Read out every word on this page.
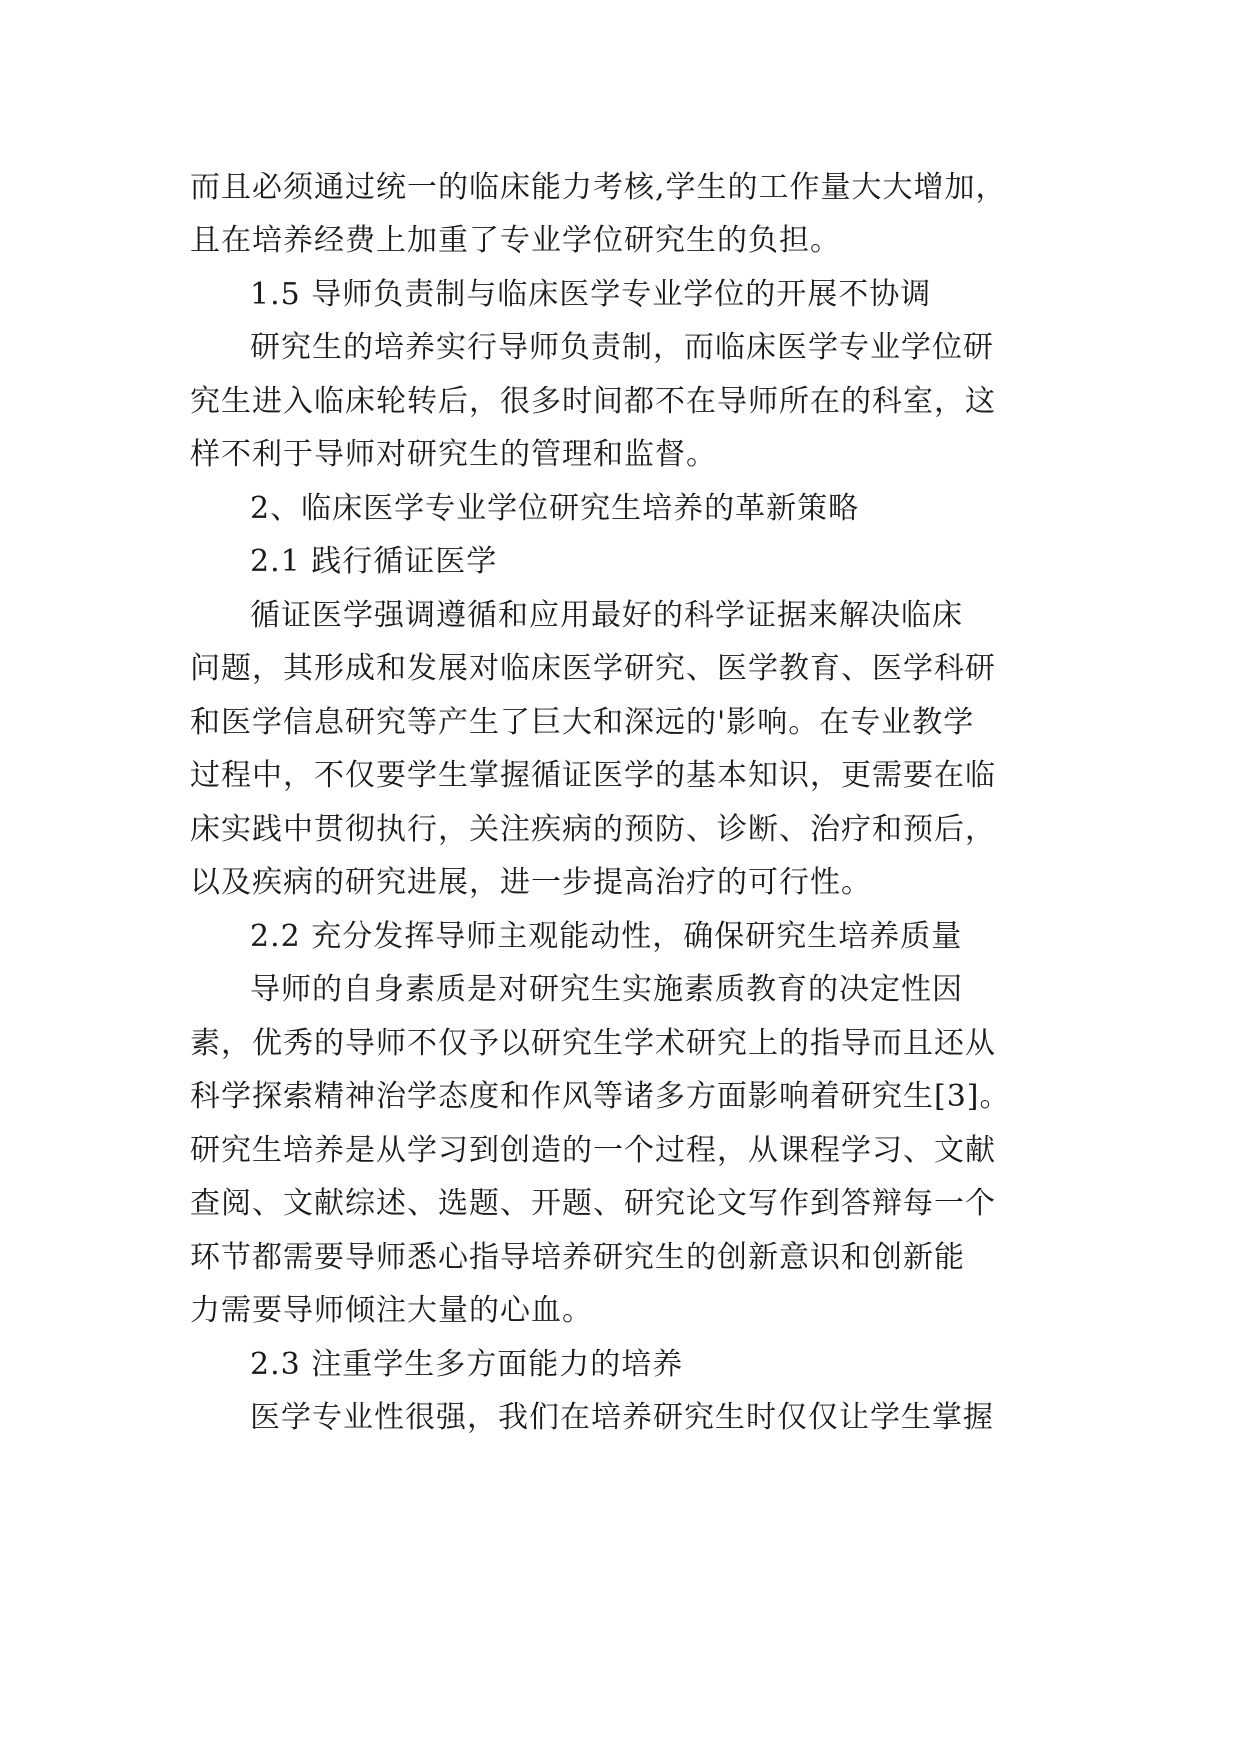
而且必须通过统一的临床能力考核,学生的工作量大大增加，
且在培养经费上加重了专业学位研究生的负担。
1.5 导师负责制与临床医学专业学位的开展不协调
研究生的培养实行导师负责制，而临床医学专业学位研
究生进入临床轮转后，很多时间都不在导师所在的科室，这
样不利于导师对研究生的管理和监督。
2、临床医学专业学位研究生培养的革新策略
2.1 践行循证医学
循证医学强调遵循和应用最好的科学证据来解决临床
问题，其形成和发展对临床医学研究、医学教育、医学科研
和医学信息研究等产生了巨大和深远的'影响。在专业教学
过程中，不仅要学生掌握循证医学的基本知识，更需要在临
床实践中贯彻执行，关注疾病的预防、诊断、治疗和预后，
以及疾病的研究进展，进一步提高治疗的可行性。
2.2 充分发挥导师主观能动性，确保研究生培养质量
导师的自身素质是对研究生实施素质教育的决定性因
素，优秀的导师不仅予以研究生学术研究上的指导而且还从
科学探索精神治学态度和作风等诸多方面影响着研究生[3]。
研究生培养是从学习到创造的一个过程，从课程学习、文献
查阅、文献综述、选题、开题、研究论文写作到答辩每一个
环节都需要导师悉心指导培养研究生的创新意识和创新能
力需要导师倾注大量的心血。
2.3 注重学生多方面能力的培养
医学专业性很强，我们在培养研究生时仅仅让学生掌握
